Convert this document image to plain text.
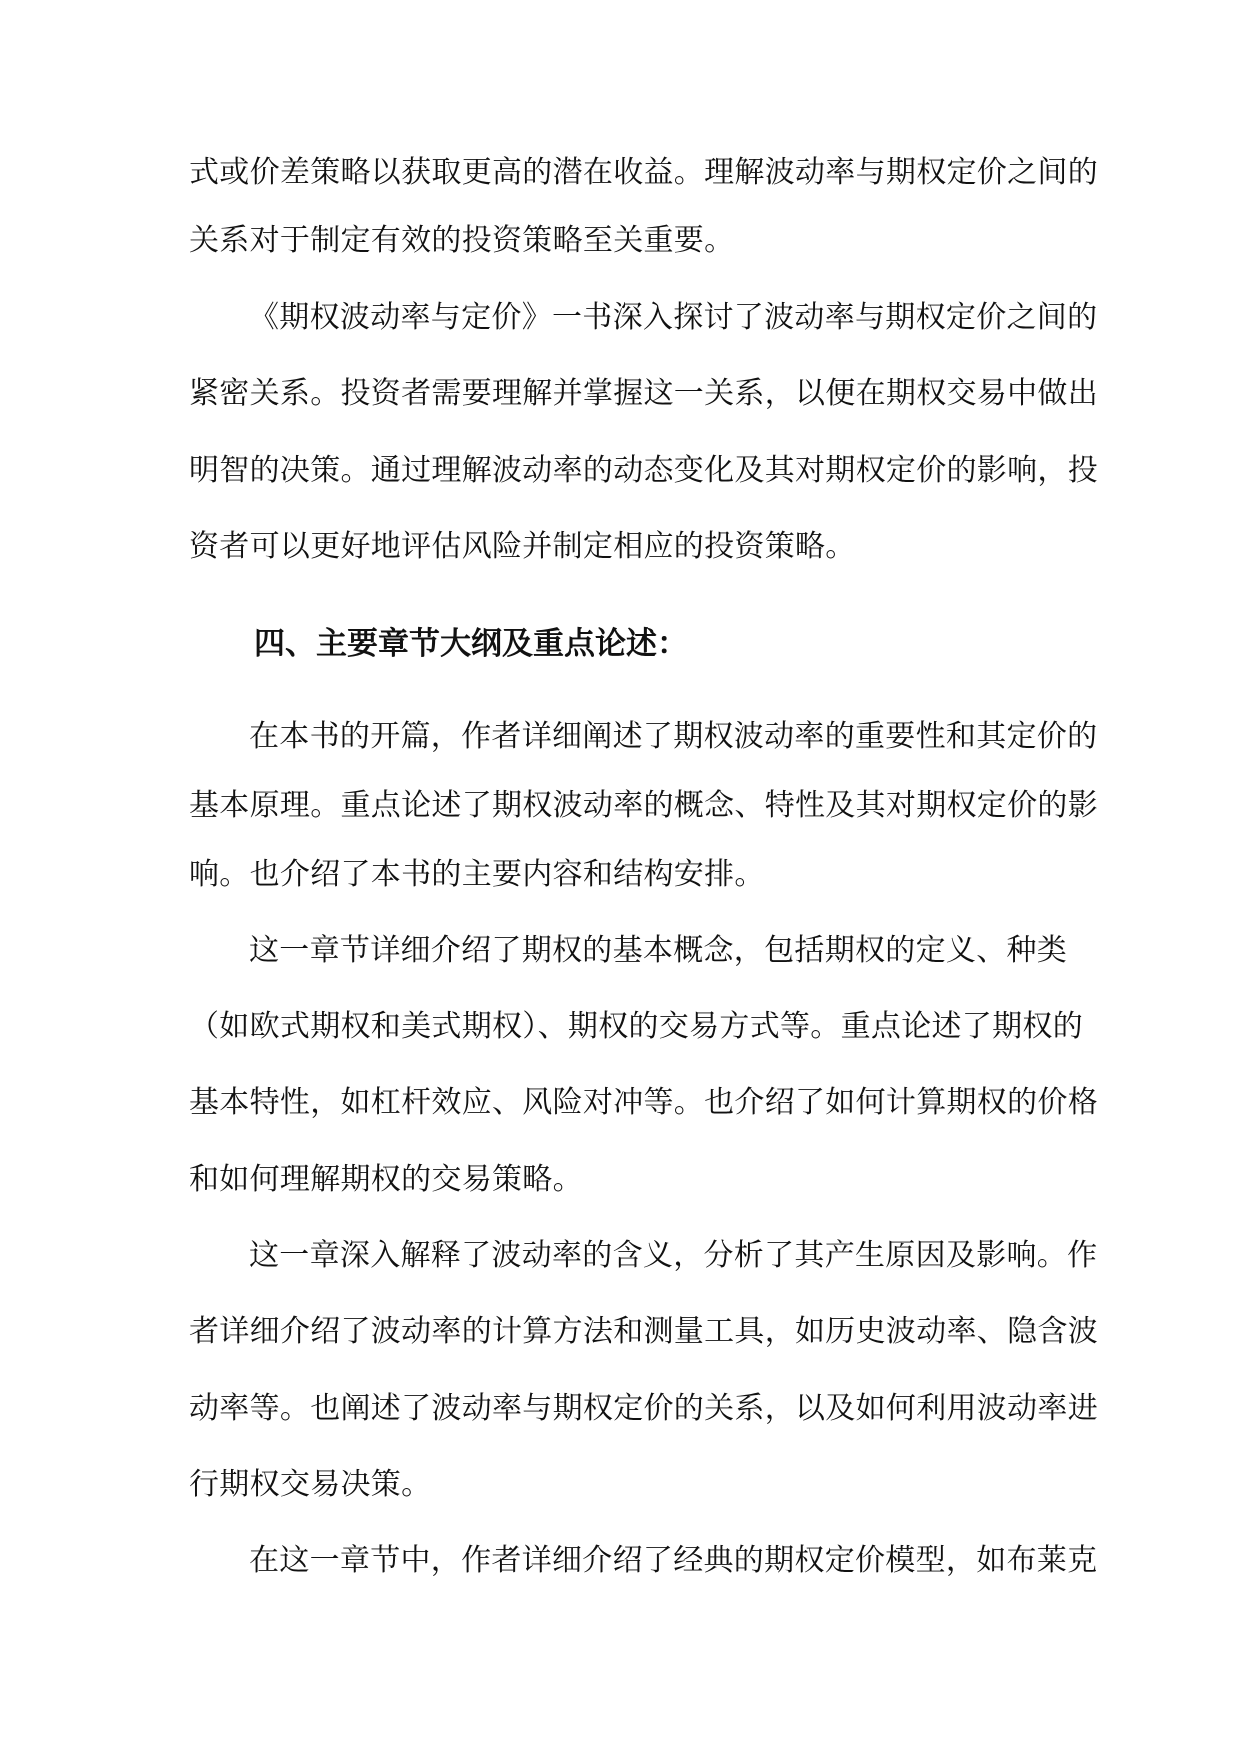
式或价差策略以获取更高的潜在收益。理解波动率与期权定价之间的
关系对于制定有效的投资策略至关重要。
《期权波动率与定价》一书深入探讨了波动率与期权定价之间的
紧密关系。投资者需要理解并掌握这一关系，以便在期权交易中做出
明智的决策。通过理解波动率的动态变化及其对期权定价的影响，投
资者可以更好地评估风险并制定相应的投资策略。
四、主要章节大纲及重点论述：
在本书的开篇，作者详细阐述了期权波动率的重要性和其定价的
基本原理。重点论述了期权波动率的概念、特性及其对期权定价的影
响。也介绍了本书的主要内容和结构安排。
这一章节详细介绍了期权的基本概念，包括期权的定义、种类
（如欧式期权和美式期权）、期权的交易方式等。重点论述了期权的
基本特性，如杠杆效应、风险对冲等。也介绍了如何计算期权的价格
和如何理解期权的交易策略。
这一章深入解释了波动率的含义，分析了其产生原因及影响。作
者详细介绍了波动率的计算方法和测量工具，如历史波动率、隐含波
动率等。也阐述了波动率与期权定价的关系，以及如何利用波动率进
行期权交易决策。
在这一章节中，作者详细介绍了经典的期权定价模型，如布莱克
